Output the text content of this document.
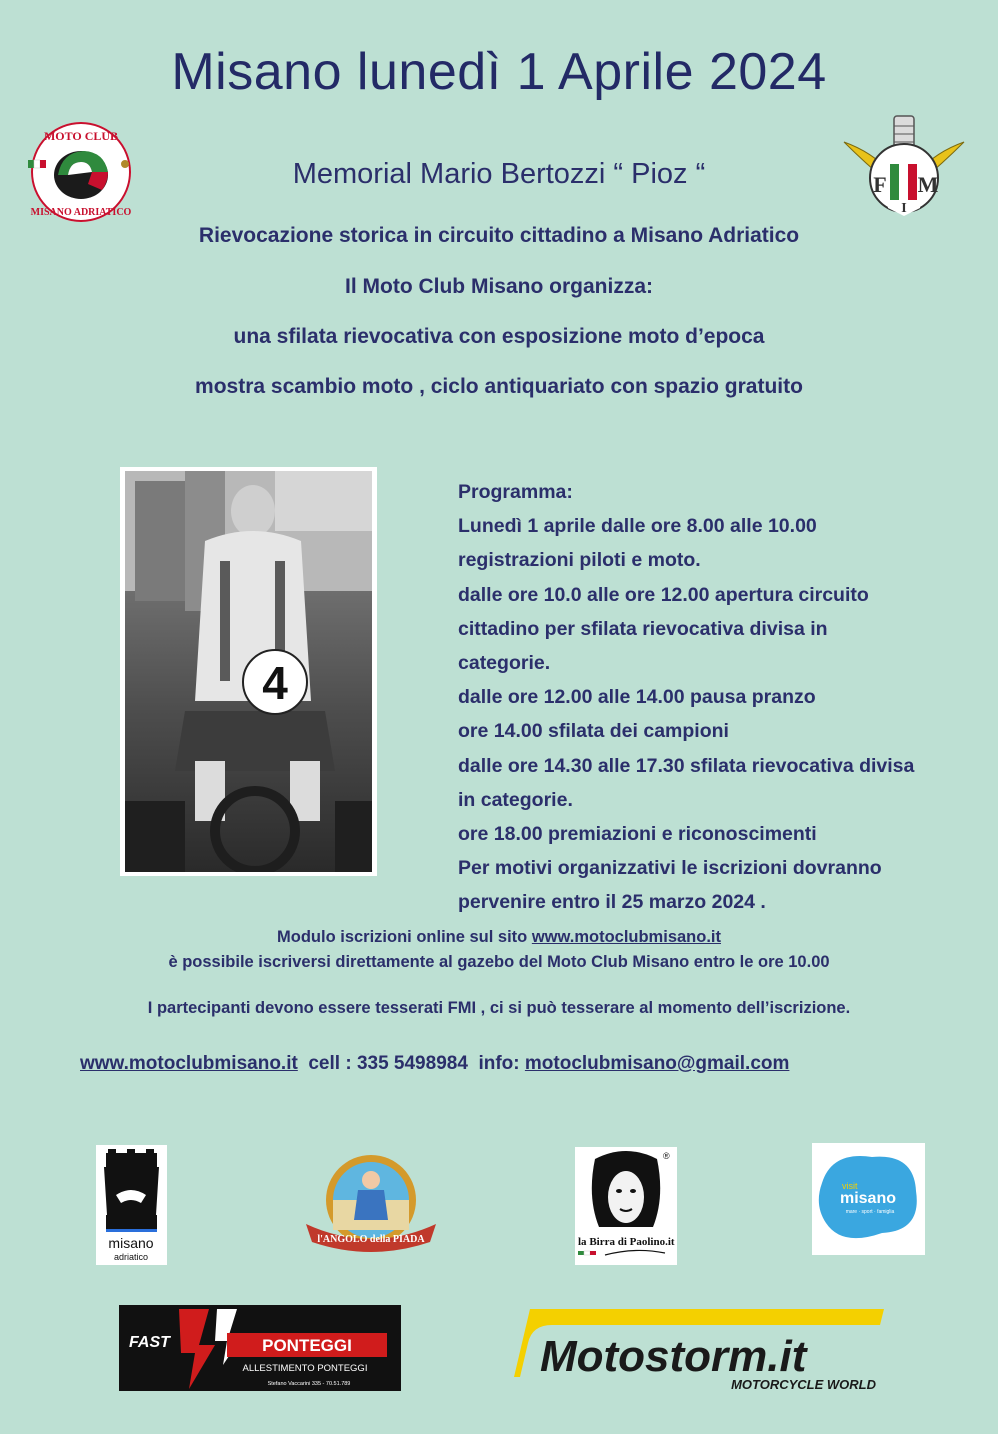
Misano lunedì 1 Aprile 2024
MOTO CLUB
MISANO ADRIATICO
F M
I
Memorial Mario Bertozzi “ Pioz “
Rievocazione storica in circuito cittadino a Misano Adriatico
Il Moto Club Misano organizza:
una sfilata rievocativa con esposizione moto d’epoca
mostra scambio moto , ciclo antiquariato con spazio gratuito
4
Programma:
Lunedì 1 aprile dalle ore 8.00 alle 10.00
registrazioni piloti e moto.
dalle ore 10.0 alle ore 12.00 apertura circuito
cittadino per sfilata rievocativa divisa in
categorie.
dalle ore 12.00 alle 14.00 pausa pranzo
ore 14.00 sfilata dei campioni
dalle ore 14.30 alle 17.30 sfilata rievocativa divisa
in categorie.
ore 18.00 premiazioni e riconoscimenti
Per motivi organizzativi le iscrizioni dovranno
pervenire entro il 25 marzo 2024 .
Modulo iscrizioni online sul sito www.motoclubmisano.it
è possibile iscriversi direttamente al gazebo del Moto Club Misano entro le ore 10.00
I partecipanti devono essere tesserati FMI , ci si può tesserare al momento dell’iscrizione.
www.motoclubmisano.it  cell : 335 5498984  info: motoclubmisano@gmail.com
misano
adriatico
l'ANGOLO della PIADA
®
la Birra di Paolino.it
visit
misano
mare · sport · famiglia
FAST	PONTEGGI
ALLESTIMENTO PONTEGGI
Stefano Vaccarini 335 - 70.51.789
Motostorm.it
MOTORCYCLE WORLD
